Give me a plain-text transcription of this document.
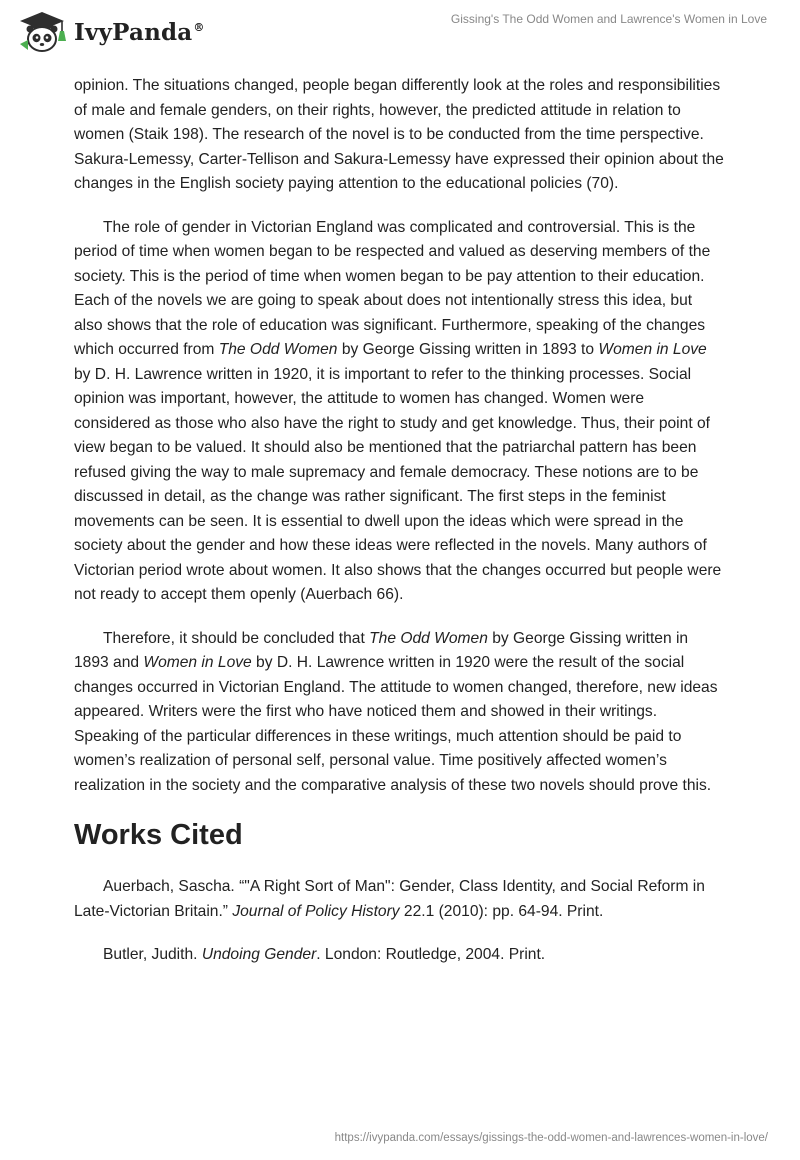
IvyPanda®
Gissing's The Odd Women and Lawrence's Women in Love

opinion. The situations changed, people began differently look at the roles and responsibilities of male and female genders, on their rights, however, the predicted attitude in relation to women (Staik 198). The research of the novel is to be conducted from the time perspective. Sakura-Lemessy, Carter-Tellison and Sakura-Lemessy have expressed their opinion about the changes in the English society paying attention to the educational policies (70).

The role of gender in Victorian England was complicated and controversial. This is the period of time when women began to be respected and valued as deserving members of the society. This is the period of time when women began to be pay attention to their education. Each of the novels we are going to speak about does not intentionally stress this idea, but also shows that the role of education was significant. Furthermore, speaking of the changes which occurred from The Odd Women by George Gissing written in 1893 to Women in Love by D. H. Lawrence written in 1920, it is important to refer to the thinking processes. Social opinion was important, however, the attitude to women has changed. Women were considered as those who also have the right to study and get knowledge. Thus, their point of view began to be valued. It should also be mentioned that the patriarchal pattern has been refused giving the way to male supremacy and female democracy. These notions are to be discussed in detail, as the change was rather significant. The first steps in the feminist movements can be seen. It is essential to dwell upon the ideas which were spread in the society about the gender and how these ideas were reflected in the novels. Many authors of Victorian period wrote about women. It also shows that the changes occurred but people were not ready to accept them openly (Auerbach 66).

Therefore, it should be concluded that The Odd Women by George Gissing written in 1893 and Women in Love by D. H. Lawrence written in 1920 were the result of the social changes occurred in Victorian England. The attitude to women changed, therefore, new ideas appeared. Writers were the first who have noticed them and showed in their writings. Speaking of the particular differences in these writings, much attention should be paid to women’s realization of personal self, personal value. Time positively affected women’s realization in the society and the comparative analysis of these two novels should prove this.

Works Cited

Auerbach, Sascha. “"A Right Sort of Man": Gender, Class Identity, and Social Reform in Late-Victorian Britain.” Journal of Policy History 22.1 (2010): pp. 64-94. Print.

Butler, Judith. Undoing Gender. London: Routledge, 2004. Print.

https://ivypanda.com/essays/gissings-the-odd-women-and-lawrences-women-in-love/
